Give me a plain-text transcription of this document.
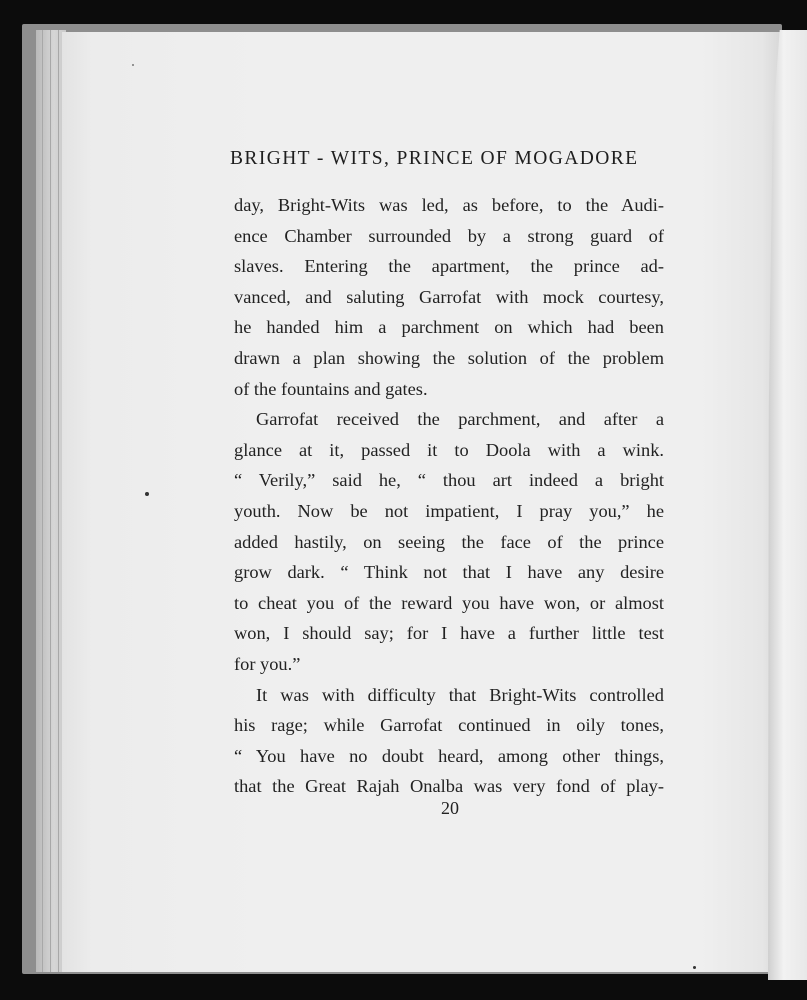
BRIGHT - WITS, PRINCE OF MOGADORE
day, Bright-Wits was led, as before, to the Audi-
ence Chamber surrounded by a strong guard of
slaves. Entering the apartment, the prince ad-
vanced, and saluting Garrofat with mock courtesy,
he handed him a parchment on which had been
drawn a plan showing the solution of the problem
of the fountains and gates.
Garrofat received the parchment, and after a
glance at it, passed it to Doola with a wink.
“ Verily,” said he, “ thou art indeed a bright
youth. Now be not impatient, I pray you,” he
added hastily, on seeing the face of the prince
grow dark. “ Think not that I have any desire
to cheat you of the reward you have won, or almost
won, I should say; for I have a further little test
for you.”
It was with difficulty that Bright-Wits controlled
his rage; while Garrofat continued in oily tones,
“ You have no doubt heard, among other things,
that the Great Rajah Onalba was very fond of play-
20
